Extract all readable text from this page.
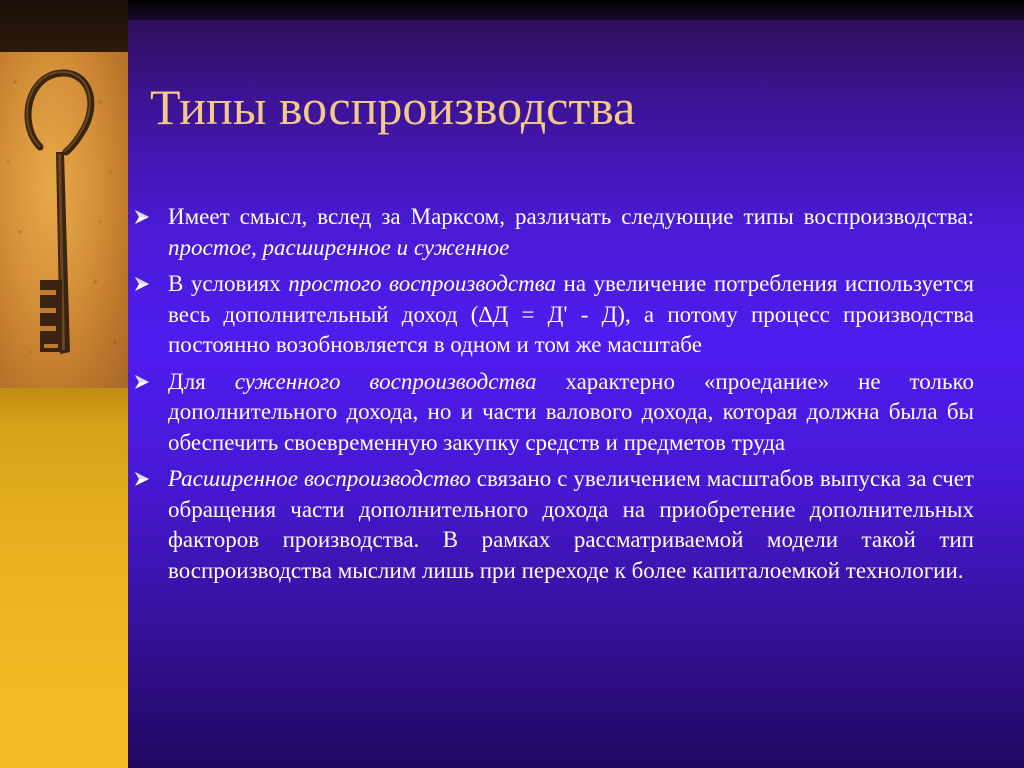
Типы воспроизводства
Имеет смысл, вслед за Марксом, различать следующие типы воспроизводства: простое, расширенное и суженное
В условиях простого воспроизводства на увеличение потребления используется весь дополнительный доход (∆Д = Д' - Д), а потому процесс производства постоянно возобновляется в одном и том же масштабе
Для суженного воспроизводства характерно «проедание» не только дополнительного дохода, но и части валового дохода, которая должна была бы обеспечить своевременную закупку средств и предметов труда
Расширенное воспроизводство связано с увеличением масштабов выпуска за счет обращения части дополнительного дохода на приобретение дополнительных факторов производства. В рамках рассматриваемой модели такой тип воспроизводства мыслим лишь при переходе к более капиталоемкой технологии.
